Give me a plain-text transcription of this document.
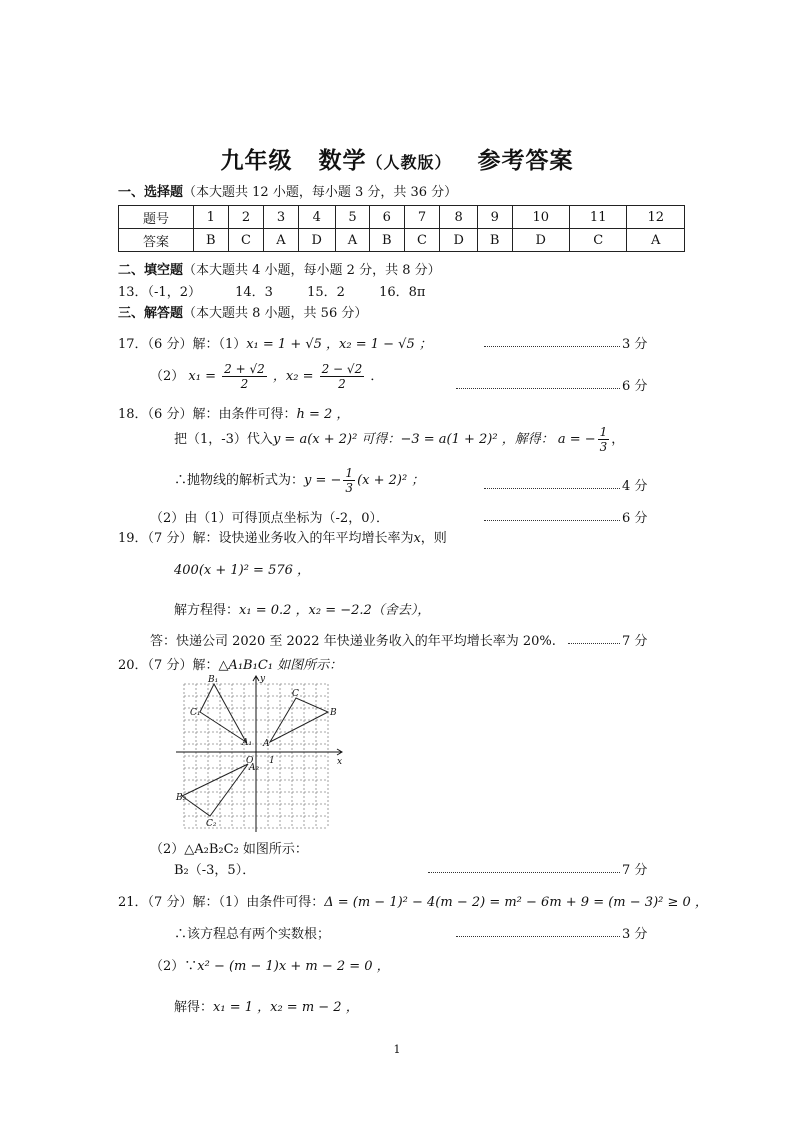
九年级 数学（人教版） 参考答案
一、选择题（本大题共 12 小题，每小题 3 分，共 36 分）
题号	1	2	3	4	5	6	7	8	9	10	11	12
答案	B	C	A	D	A	B	C	D	B	D	C	A
二、填空题（本大题共 4 小题，每小题 2 分，共 8 分）
13．（-1，2）	14．3	15．2	16．8π
三、解答题（本大题共 8 小题，共 56 分）
17．（6 分）解：（1）x₁ = 1 + √5 ，x₂ = 1 − √5 ；	3 分
（2） $x_1 = \frac{2 + √2}{2}$ ，$x_2 = \frac{2 - √2}{2}$ ．
6 分
18．（6 分）解：由条件可得：h = 2 ，
把（1，-3）代入y = a(x + 2)² 可得：−3 = a(1 + 2)² ，解得： a = − $\frac{1}{3}$ ，
∴抛物线的解析式为：y = − $\frac{1}{3} (x + 2)^2$ ；	4 分
（2）由（1）可得顶点坐标为（-2，0）．	6 分
19．（7 分）解：设快递业务收入的年平均增长率为x，则
400(x + 1)² = 576 ，
解方程得：x₁ = 0.2 ，x₂ = −2.2（舍去），
答：快递公司 2020 至 2022 年快递业务收入的年平均增长率为 20%.	7 分
20．（7 分）解：△A₁B₁C₁ 如图所示：
B₁
C₁
A₁ A
B
C
O	x
y
1
B₂
C₂
A₂
（2）△A₂B₂C₂ 如图所示：
B₂（-3，5）．	7 分
21．（7 分）解：（1）由条件可得：Δ = (m − 1)² − 4(m − 2) = m² − 6m + 9 = (m − 3)² ≥ 0 ，
∴该方程总有两个实数根；	3 分
（2）∵x² − (m − 1)x + m − 2 = 0 ，
解得：x₁ = 1 ，x₂ = m − 2 ，
1
